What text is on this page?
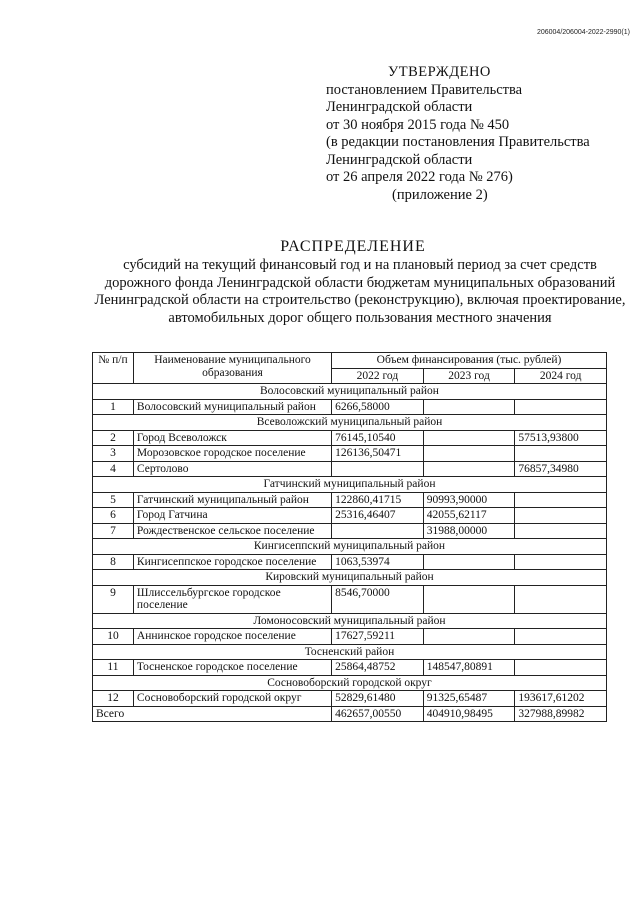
206004/206004-2022-2990(1)
УТВЕРЖДЕНО
постановлением Правительства
Ленинградской области
от 30 ноября 2015 года № 450
(в редакции постановления Правительства
Ленинградской области
от 26 апреля 2022 года № 276)
(приложение 2)
РАСПРЕДЕЛЕНИЕ
субсидий на текущий финансовый год и на плановый период за счет средств дорожного фонда Ленинградской области бюджетам муниципальных образований Ленинградской области на строительство (реконструкцию), включая проектирование, автомобильных дорог общего пользования местного значения
№ п/п	Наименование муниципального образования	Объем финансирования (тыс. рублей)		
		2022 год	2023 год	2024 год
Волосовский муниципальный район				
1	Волосовский муниципальный район	6266,58000		
Всеволожский муниципальный район				
2	Город Всеволожск	76145,10540		57513,93800
3	Морозовское городское поселение	126136,50471		
4	Сертолово			76857,34980
Гатчинский муниципальный район				
5	Гатчинский муниципальный район	122860,41715	90993,90000	
6	Город Гатчина	25316,46407	42055,62117	
7	Рождественское сельское поселение		31988,00000	
Кингисеппский муниципальный район				
8	Кингисеппское городское поселение	1063,53974		
Кировский муниципальный район				
9	Шлиссельбургское городское поселение	8546,70000		
Ломоносовский муниципальный район				
10	Аннинское городское поселение	17627,59211		
Тосненский район				
11	Тосненское городское поселение	25864,48752	148547,80891	
Сосновоборский городской округ				
12	Сосновоборский городской округ	52829,61480	91325,65487	193617,61202
Всего		462657,00550	404910,98495	327988,89982
